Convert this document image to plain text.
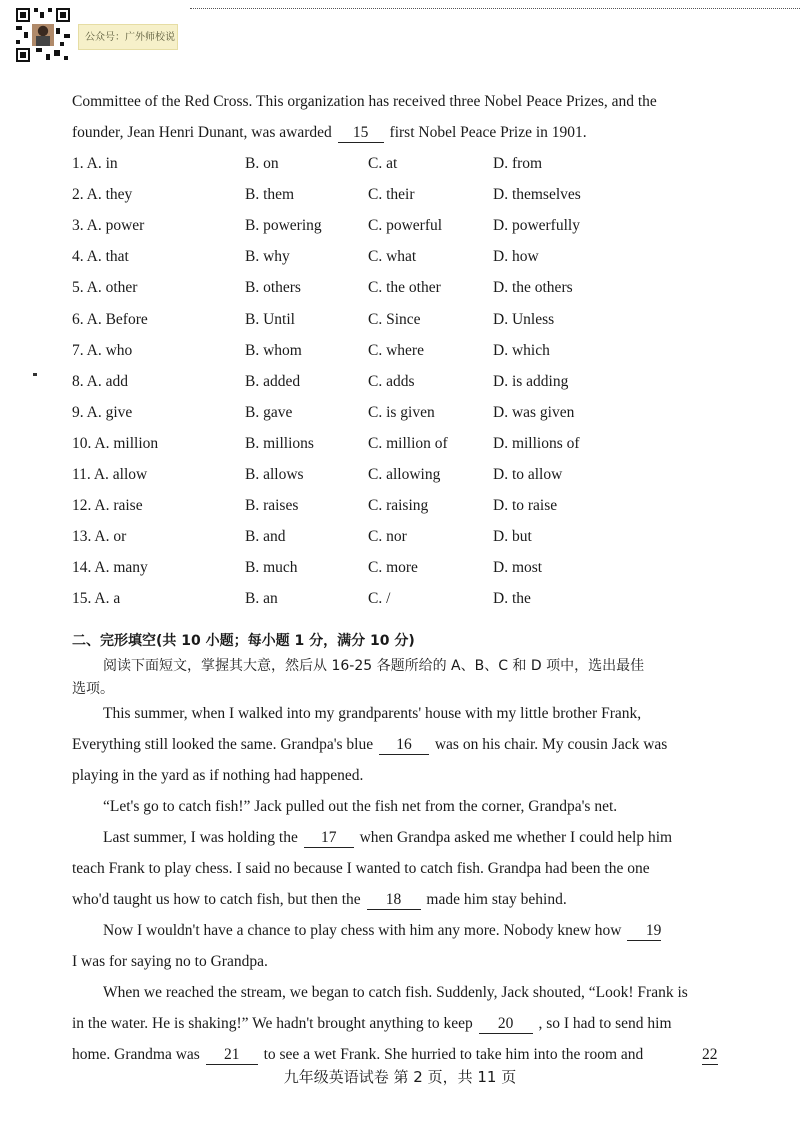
公众号：广外师校说
Committee of the Red Cross. This organization has received three Nobel Peace Prizes, and the
founder, Jean Henri Dunant, was awarded 15 first Nobel Peace Prize in 1901.
1. A. in	B. on	C. at	D. from
2. A. they	B. them	C. their	D. themselves
3. A. power	B. powering	C. powerful	D. powerfully
4. A. that	B. why	C. what	D. how
5. A. other	B. others	C. the other	D. the others
6. A. Before	B. Until	C. Since	D. Unless
7. A. who	B. whom	C. where	D. which
8. A. add	B. added	C. adds	D. is adding
9. A. give	B. gave	C. is given	D. was given
10. A. million	B. millions	C. million of	D. millions of
11. A. allow	B. allows	C. allowing	D. to allow
12. A. raise	B. raises	C. raising	D. to raise
13. A. or	B. and	C. nor	D. but
14. A. many	B. much	C. more	D. most
15. A. a	B. an	C. /	D. the
二、完形填空(共 10 小题；每小题 1 分，满分 10 分)
阅读下面短文，掌握其大意，然后从 16-25 各题所给的 A、B、C 和 D 项中，选出最佳
选项。
This summer, when I walked into my grandparents' house with my little brother Frank,
Everything still looked the same. Grandpa's blue 16 was on his chair. My cousin Jack was
playing in the yard as if nothing had happened.
“Let's go to catch fish!” Jack pulled out the fish net from the corner, Grandpa's net.
Last summer, I was holding the 17 when Grandpa asked me whether I could help him
teach Frank to play chess. I said no because I wanted to catch fish. Grandpa had been the one
who'd taught us how to catch fish, but then the 18 made him stay behind.
Now I wouldn't have a chance to play chess with him any more. Nobody knew how 19
I was for saying no to Grandpa.
When we reached the stream, we began to catch fish. Suddenly, Jack shouted, “Look! Frank is
in the water. He is shaking!” We hadn't brought anything to keep 20 , so I had to send him
home. Grandma was 21 to see a wet Frank. She hurried to take him into the room and	22
九年级英语试卷 第 2 页，共 11 页
